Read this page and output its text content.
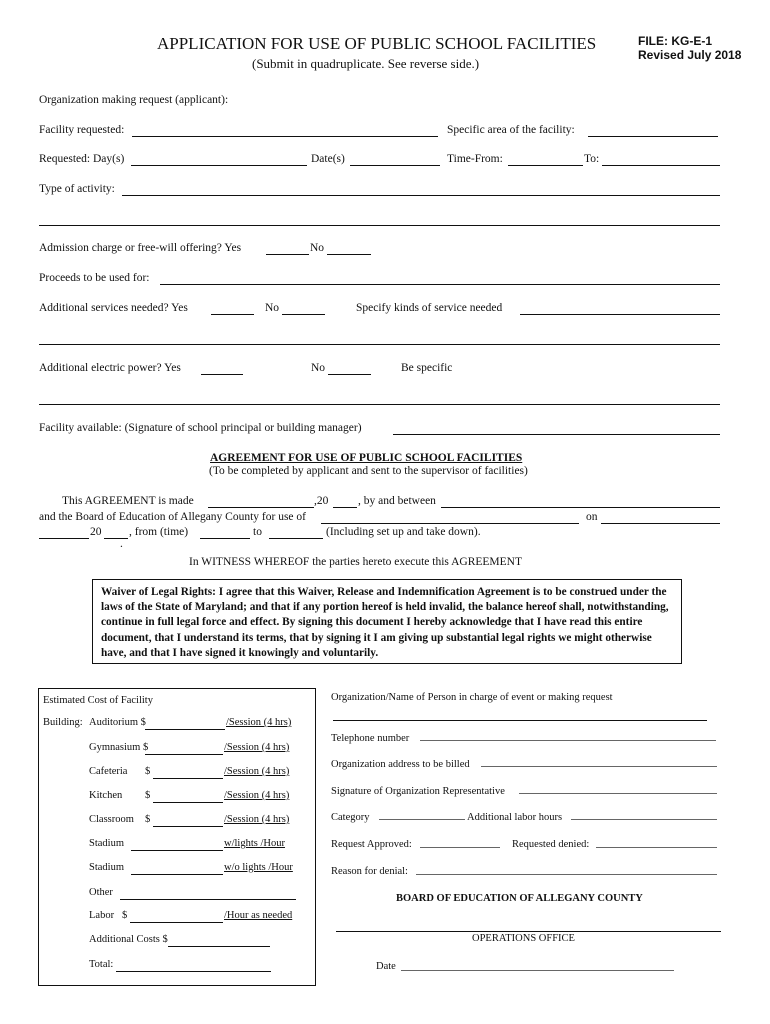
APPLICATION FOR USE OF PUBLIC SCHOOL FACILITIES
(Submit in quadruplicate. See reverse side.)
FILE: KG-E-1
Revised July 2018
Organization making request (applicant):
Facility requested:	Specific area of the facility:
Requested: Day(s)	Date(s)	Time-From:	To:
Type of activity:
Admission charge or free-will offering? Yes	No
Proceeds to be used for:
Additional services needed? Yes	No	Specify kinds of service needed
Additional electric power? Yes	No	Be specific
Facility available: (Signature of school principal or building manager)
AGREEMENT FOR USE OF PUBLIC SCHOOL FACILITIES
(To be completed by applicant and sent to the supervisor of facilities)
This AGREEMENT is made	,20	, by and between
and the Board of Education of Allegany County for use of	on
20 , from (time)	to	(Including set up and take down).
.
In WITNESS WHEREOF the parties hereto execute this AGREEMENT
Waiver of Legal Rights: I agree that this Waiver, Release and Indemnification Agreement is to be construed under the laws of the State of Maryland; and that if any portion hereof is held invalid, the balance hereof shall, notwithstanding, continue in full legal force and effect. By signing this document I hereby acknowledge that I have read this entire document, that I understand its terms, that by signing it I am giving up substantial legal rights we might otherwise have, and that I have signed it knowingly and voluntarily.
Estimated Cost of Facility
Building: Auditorium $	/Session (4 hrs)
Gymnasium $	/Session (4 hrs)
Cafeteria $	/Session (4 hrs)
Kitchen $	/Session (4 hrs)
Classroom $	/Session (4 hrs)
Stadium	w/lights /Hour
Stadium	w/o lights /Hour
Other
Labor $	/Hour as needed
Additional Costs $
Total:
Organization/Name of Person in charge of event or making request
Telephone number
Organization address to be billed
Signature of Organization Representative
Category	Additional labor hours
Request Approved:	Requested denied:
Reason for denial:
BOARD OF EDUCATION OF ALLEGANY COUNTY
OPERATIONS OFFICE
Date
